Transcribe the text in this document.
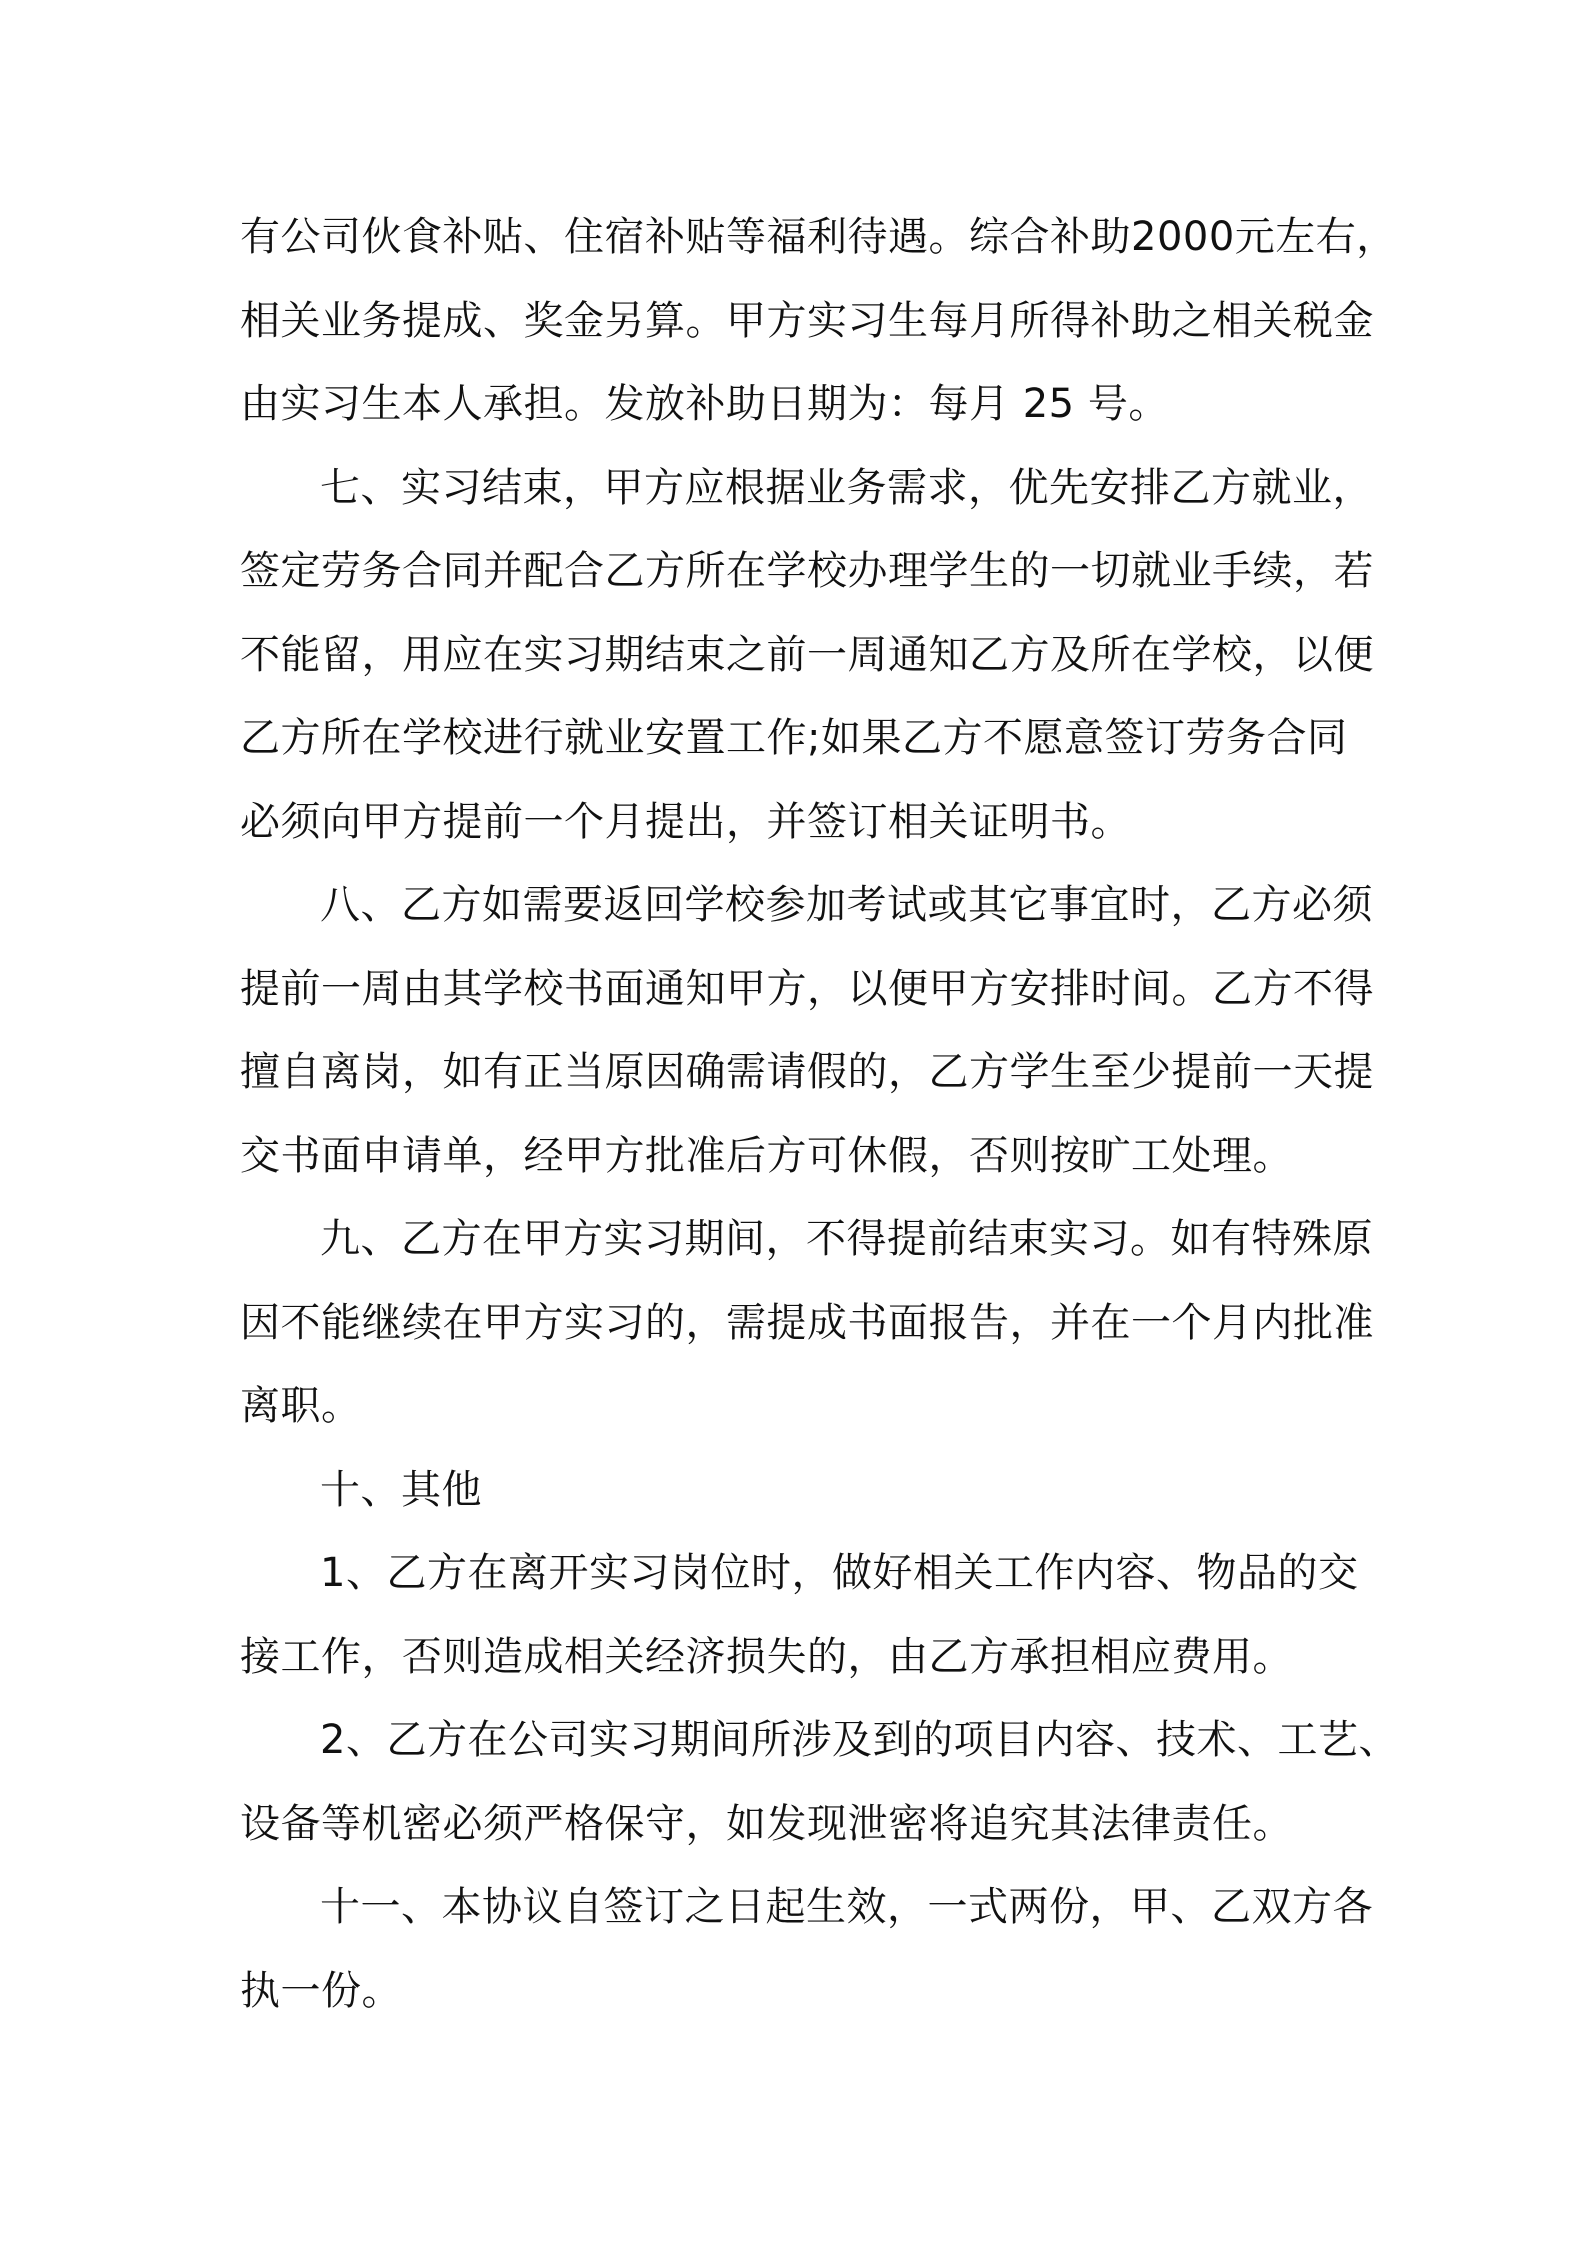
有公司伙食补贴、住宿补贴等福利待遇。综合补助2000元左右，
相关业务提成、奖金另算。甲方实习生每月所得补助之相关税金
由实习生本人承担。发放补助日期为：每月 25 号。
七、实习结束，甲方应根据业务需求，优先安排乙方就业，
签定劳务合同并配合乙方所在学校办理学生的一切就业手续，若
不能留，用应在实习期结束之前一周通知乙方及所在学校，以便
乙方所在学校进行就业安置工作;如果乙方不愿意签订劳务合同
必须向甲方提前一个月提出，并签订相关证明书。
八、乙方如需要返回学校参加考试或其它事宜时，乙方必须
提前一周由其学校书面通知甲方，以便甲方安排时间。乙方不得
擅自离岗，如有正当原因确需请假的，乙方学生至少提前一天提
交书面申请单，经甲方批准后方可休假，否则按旷工处理。
九、乙方在甲方实习期间，不得提前结束实习。如有特殊原
因不能继续在甲方实习的，需提成书面报告，并在一个月内批准
离职。
十、其他
1、乙方在离开实习岗位时，做好相关工作内容、物品的交
接工作，否则造成相关经济损失的，由乙方承担相应费用。
2、乙方在公司实习期间所涉及到的项目内容、技术、工艺、
设备等机密必须严格保守，如发现泄密将追究其法律责任。
十一、本协议自签订之日起生效，一式两份，甲、乙双方各
执一份。
